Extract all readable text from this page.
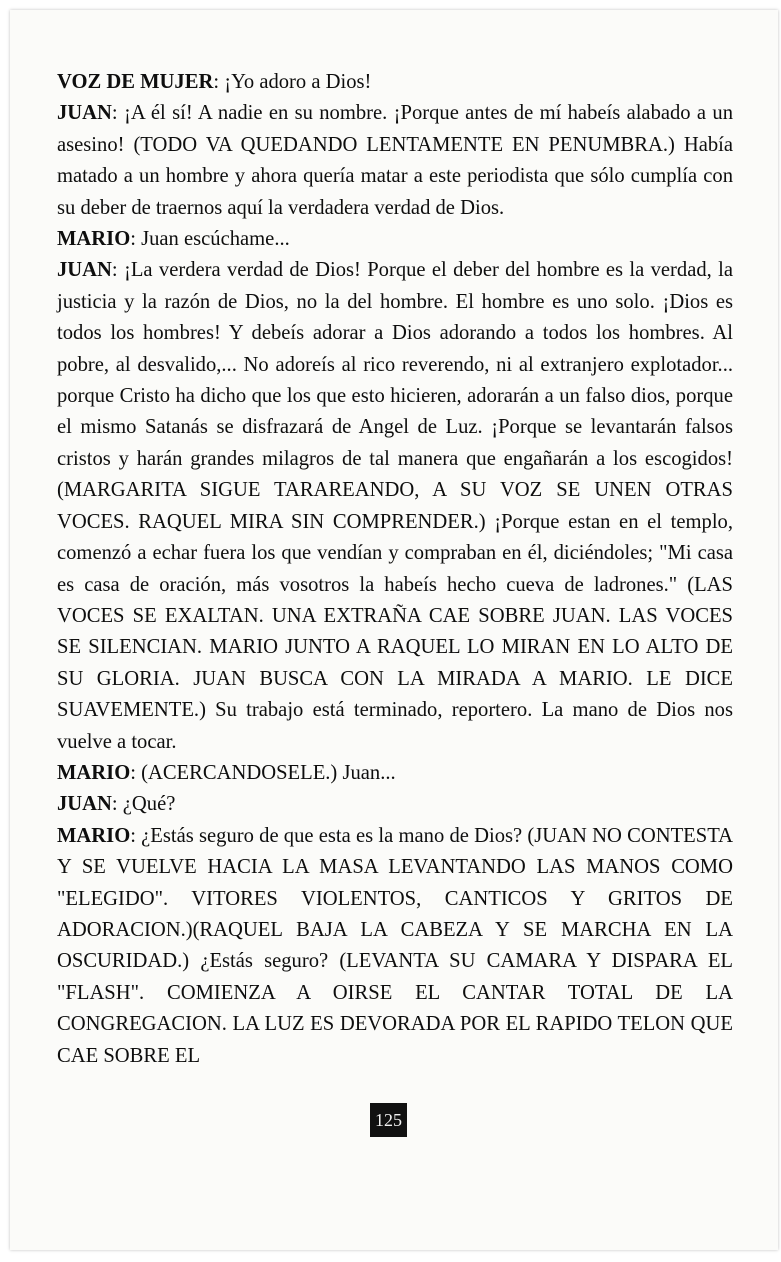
VOZ DE MUJER: ¡Yo adoro a Dios!

JUAN: ¡A él sí! A nadie en su nombre. ¡Porque antes de mí habeís alabado a un asesino! (TODO VA QUEDANDO LENTAMENTE EN PENUMBRA.) Había matado a un hombre y ahora quería matar a este periodista que sólo cumplía con su deber de traernos aquí la verdadera verdad de Dios.

MARIO: Juan escúchame...

JUAN: ¡La verdera verdad de Dios! Porque el deber del hombre es la verdad, la justicia y la razón de Dios, no la del hombre. El hombre es uno solo. ¡Dios es todos los hombres! Y debeís adorar a Dios adorando a todos los hombres. Al pobre, al desvalido,... No adoreís al rico reverendo, ni al extranjero explotador... porque Cristo ha dicho que los que esto hicieren, adorarán a un falso dios, porque el mismo Satanás se disfrazará de Angel de Luz. ¡Porque se levantarán falsos cristos y harán grandes milagros de tal manera que engañarán a los escogidos! (MARGARITA SIGUE TARAREANDO, A SU VOZ SE UNEN OTRAS VOCES. RAQUEL MIRA SIN COMPRENDER.) ¡Porque estan en el templo, comenzó a echar fuera los que vendían y compraban en él, diciéndoles; "Mi casa es casa de oración, más vosotros la habeís hecho cueva de ladrones." (LAS VOCES SE EXALTAN. UNA EXTRAÑA CAE SOBRE JUAN. LAS VOCES SE SILENCIAN. MARIO JUNTO A RAQUEL LO MIRAN EN LO ALTO DE SU GLORIA. JUAN BUSCA CON LA MIRADA A MARIO. LE DICE SUAVEMENTE.) Su trabajo está terminado, reportero. La mano de Dios nos vuelve a tocar.

MARIO: (ACERCANDOSELE.) Juan...

JUAN: ¿Qué?

MARIO: ¿Estás seguro de que esta es la mano de Dios? (JUAN NO CONTESTA Y SE VUELVE HACIA LA MASA LEVANTANDO LAS MANOS COMO "ELEGIDO". VITORES VIOLENTOS, CANTICOS Y GRITOS DE ADORACION.)(RAQUEL BAJA LA CABEZA Y SE MARCHA EN LA OSCURIDAD.) ¿Estás seguro? (LEVANTA SU CAMARA Y DISPARA EL "FLASH". COMIENZA A OIRSE EL CANTAR TOTAL DE LA CONGREGACION. LA LUZ ES DEVORADA POR EL RAPIDO TELON QUE CAE SOBRE EL

125
